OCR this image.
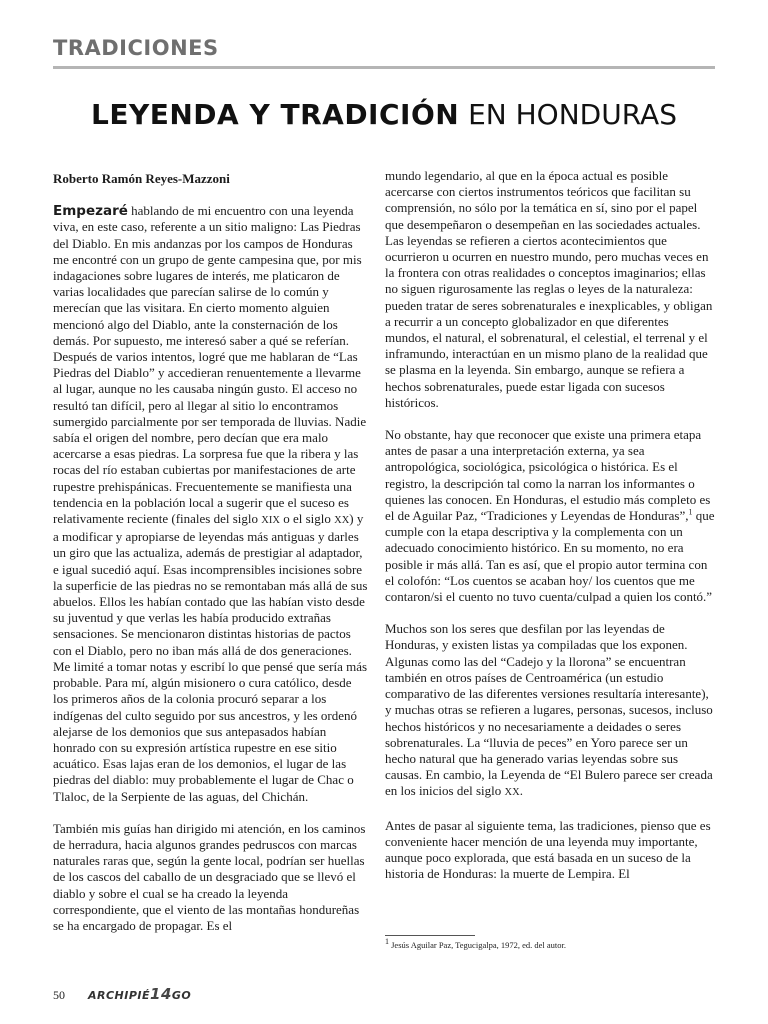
TRADICIONES
LEYENDA Y TRADICIÓN EN HONDURAS

Roberto Ramón Reyes-Mazzoni

Empezaré hablando de mi encuentro con una leyenda viva, en este caso, referente a un sitio maligno: Las Piedras del Diablo. En mis andanzas por los campos de Honduras me encontré con un grupo de gente campesina que, por mis indagaciones sobre lugares de interés, me platicaron de varias localidades que parecían salirse de lo común y merecían que las visitara. En cierto momento alguien mencionó algo del Diablo, ante la consternación de los demás. Por supuesto, me interesó saber a qué se referían. Después de varios intentos, logré que me hablaran de “Las Piedras del Diablo” y accedieran renuentemente a llevarme al lugar, aunque no les causaba ningún gusto. El acceso no resultó tan difícil, pero al llegar al sitio lo encontramos sumergido parcialmente por ser temporada de lluvias. Nadie sabía el origen del nombre, pero decían que era malo acercarse a esas piedras. La sorpresa fue que la ribera y las rocas del río estaban cubiertas por manifestaciones de arte rupestre prehispánicas. Frecuentemente se manifiesta una tendencia en la población local a sugerir que el suceso es relativamente reciente (finales del siglo XIX o el siglo XX) y a modificar y apropiarse de leyendas más antiguas y darles un giro que las actualiza, además de prestigiar al adaptador, e igual sucedió aquí. Esas incomprensibles incisiones sobre la superficie de las piedras no se remontaban más allá de sus abuelos. Ellos les habían contado que las habían visto desde su juventud y que verlas les había producido extrañas sensaciones. Se mencionaron distintas historias de pactos con el Diablo, pero no iban más allá de dos generaciones. Me limité a tomar notas y escribí lo que pensé que sería más probable. Para mí, algún misionero o cura católico, desde los primeros años de la colonia procuró separar a los indígenas del culto seguido por sus ancestros, y les ordenó alejarse de los demonios que sus antepasados habían honrado con su expresión artística rupestre en ese sitio acuático. Esas lajas eran de los demonios, el lugar de las piedras del diablo: muy probablemente el lugar de Chac o Tlaloc, de la Serpiente de las aguas, del Chichán.

También mis guías han dirigido mi atención, en los caminos de herradura, hacia algunos grandes pedruscos con marcas naturales raras que, según la gente local, podrían ser huellas de los cascos del caballo de un desgraciado que se llevó el diablo y sobre el cual se ha creado la leyenda correspondiente, que el viento de las montañas hondureñas se ha encargado de propagar. Es el

mundo legendario, al que en la época actual es posible acercarse con ciertos instrumentos teóricos que facilitan su comprensión, no sólo por la temática en sí, sino por el papel que desempeñaron o desempeñan en las sociedades actuales. Las leyendas se refieren a ciertos acontecimientos que ocurrieron u ocurren en nuestro mundo, pero muchas veces en la frontera con otras realidades o conceptos imaginarios; ellas no siguen rigurosamente las reglas o leyes de la naturaleza: pueden tratar de seres sobrenaturales e inexplicables, y obligan a recurrir a un concepto globalizador en que diferentes mundos, el natural, el sobrenatural, el celestial, el terrenal y el inframundo, interactúan en un mismo plano de la realidad que se plasma en la leyenda. Sin embargo, aunque se refiera a hechos sobrenaturales, puede estar ligada con sucesos históricos.

No obstante, hay que reconocer que existe una primera etapa antes de pasar a una interpretación externa, ya sea antropológica, sociológica, psicológica o histórica. Es el registro, la descripción tal como la narran los informantes o quienes las conocen. En Honduras, el estudio más completo es el de Aguilar Paz, “Tradiciones y Leyendas de Honduras”,$^1$ que cumple con la etapa descriptiva y la complementa con un adecuado conocimiento histórico. En su momento, no era posible ir más allá. Tan es así, que el propio autor termina con el colofón: “Los cuentos se acaban hoy/ los cuentos que me contaron/si el cuento no tuvo cuenta/culpad a quien los contó.”

Muchos son los seres que desfilan por las leyendas de Honduras, y existen listas ya compiladas que los exponen. Algunas como las del “Cadejo y la llorona” se encuentran también en otros países de Centroamérica (un estudio comparativo de las diferentes versiones resultaría interesante), y muchas otras se refieren a lugares, personas, sucesos, incluso hechos históricos y no necesariamente a deidades o seres sobrenaturales. La “lluvia de peces” en Yoro parece ser un hecho natural que ha generado varias leyendas sobre sus causas. En cambio, la Leyenda de “El Bulero parece ser creada en los inicios del siglo XX.

Antes de pasar al siguiente tema, las tradiciones, pienso que es conveniente hacer mención de una leyenda muy importante, aunque poco explorada, que está basada en un suceso de la historia de Honduras: la muerte de Lempira. El

$^1$ Jesús Aguilar Paz, Tegucigalpa, 1972, ed. del autor.
50 ARCHIPIÉ14GO
